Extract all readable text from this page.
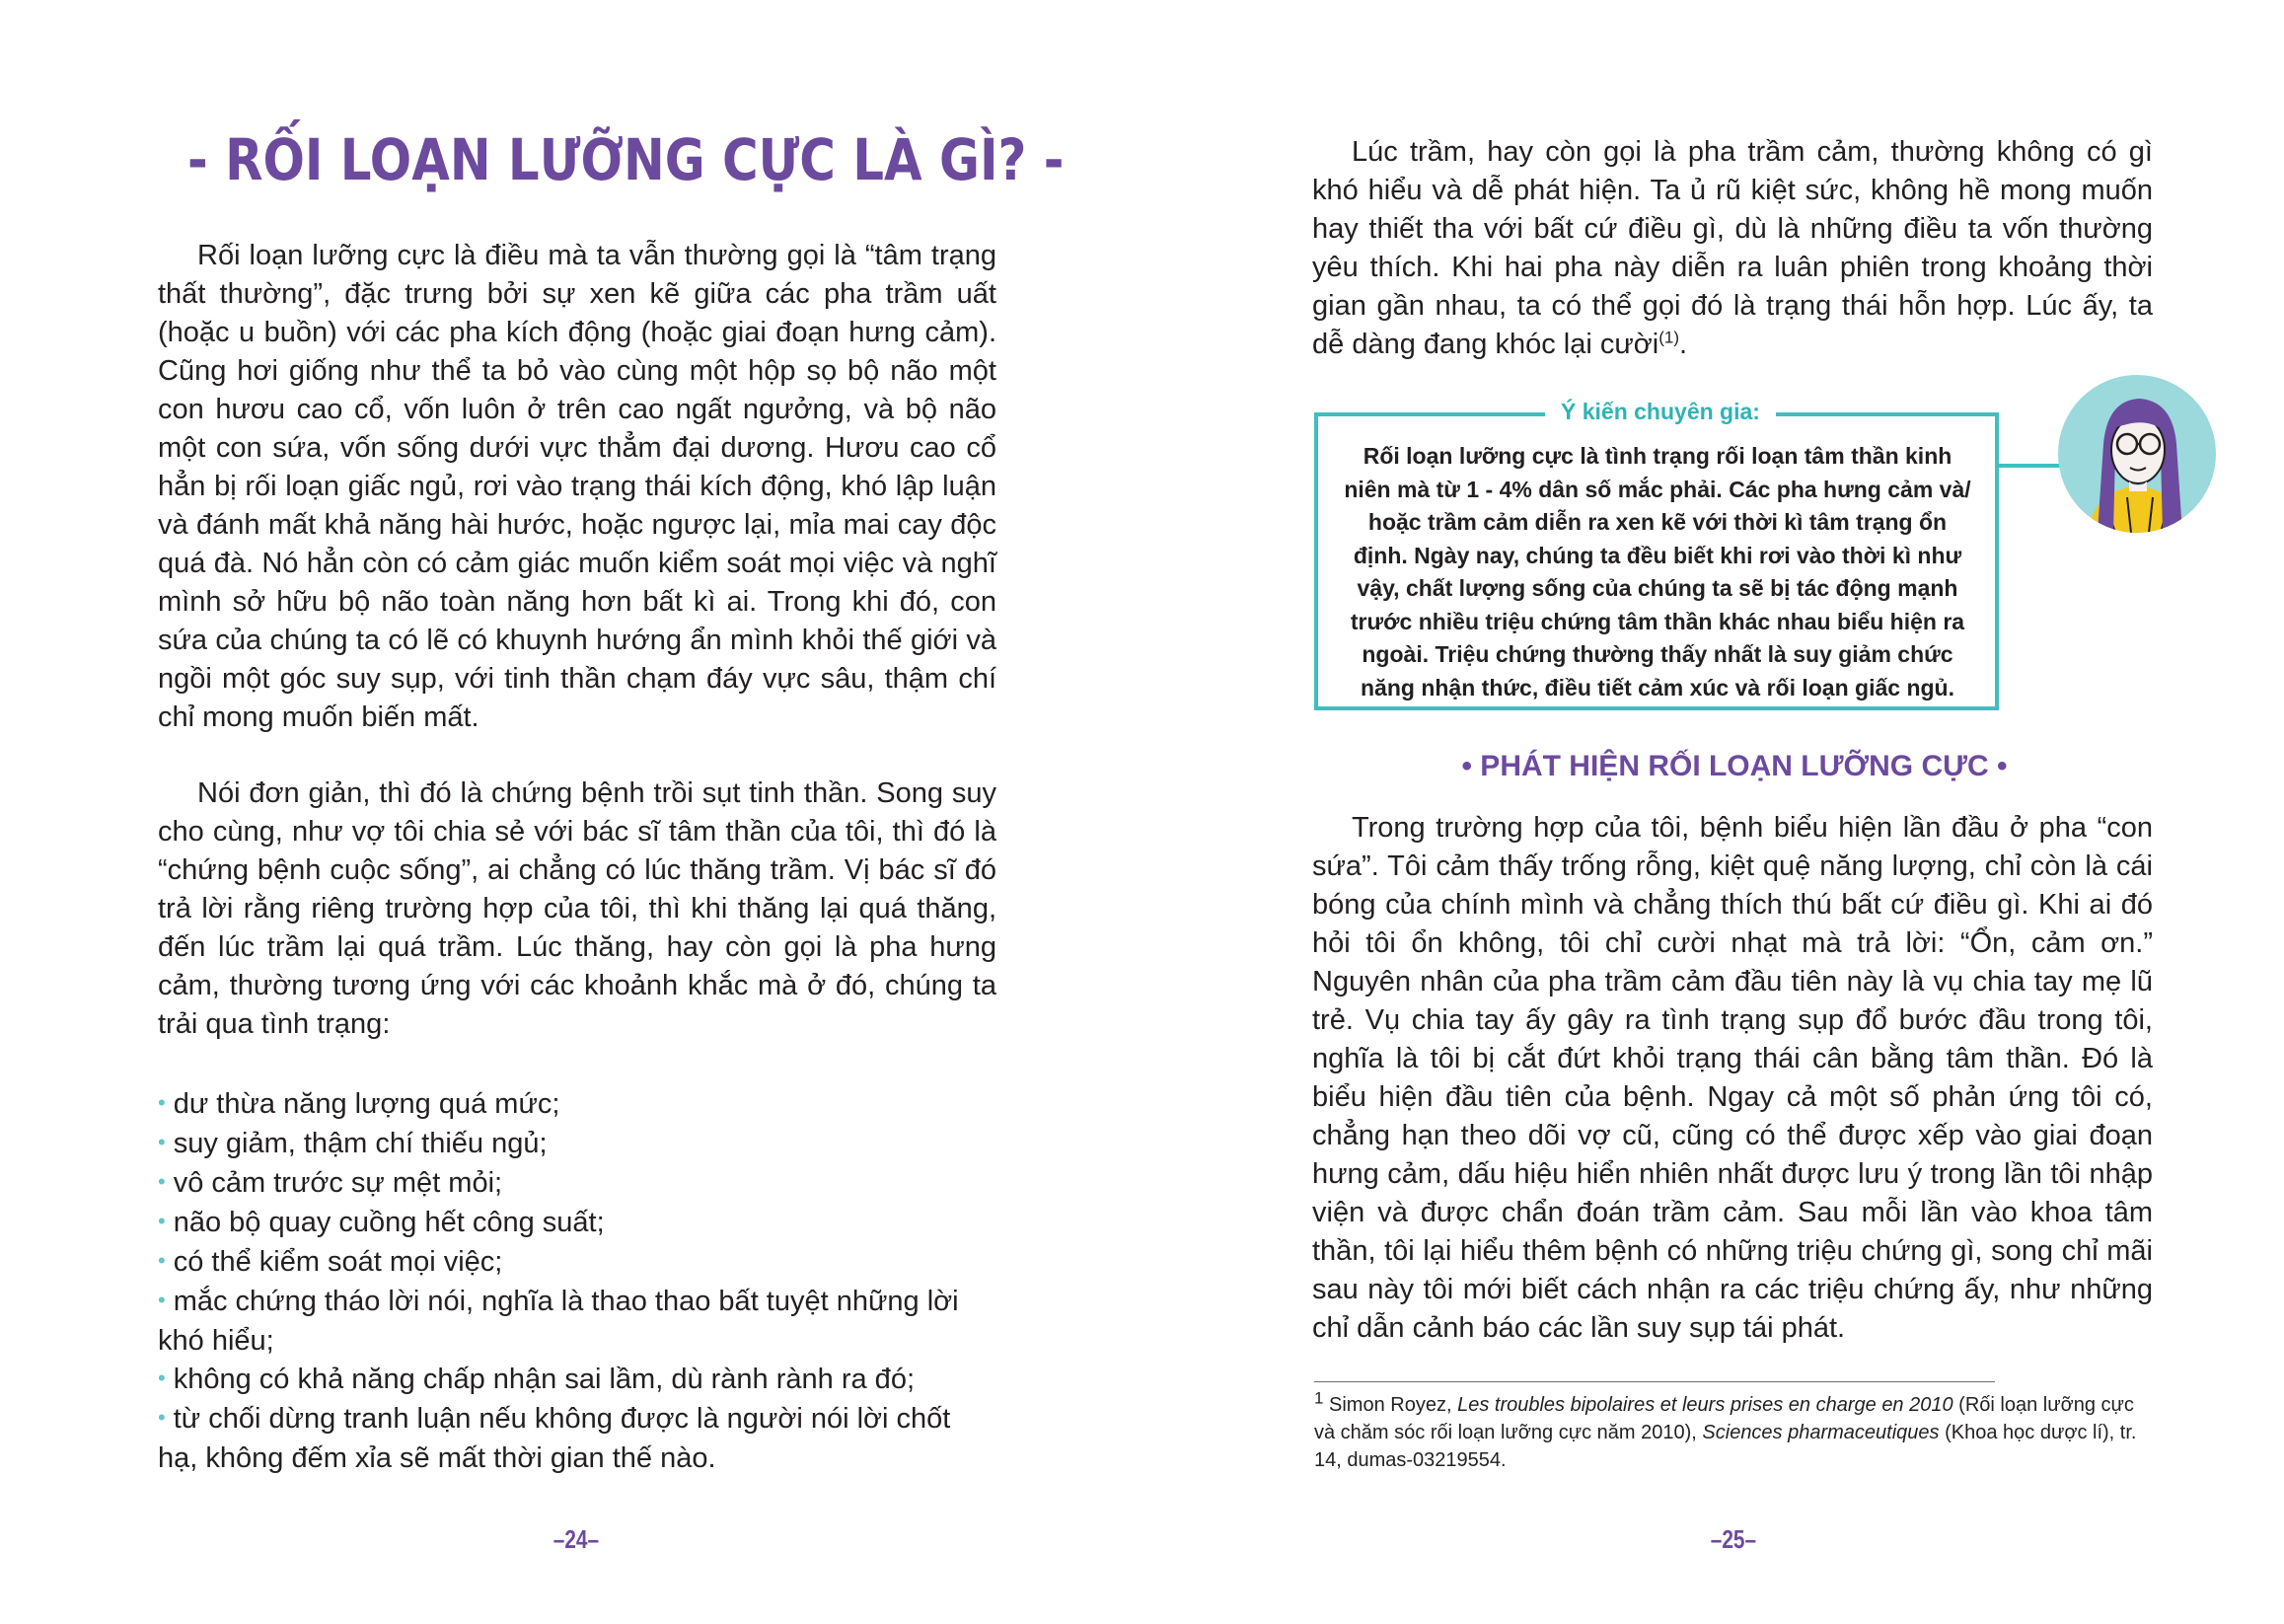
- RỐI LOẠN LƯỠNG CỰC LÀ GÌ? -

Rối loạn lưỡng cực là điều mà ta vẫn thường gọi là “tâm trạng thất thường”, đặc trưng bởi sự xen kẽ giữa các pha trầm uất (hoặc u buồn) với các pha kích động (hoặc giai đoạn hưng cảm). Cũng hơi giống như thể ta bỏ vào cùng một hộp sọ bộ não một con hươu cao cổ, vốn luôn ở trên cao ngất ngưởng, và bộ não một con sứa, vốn sống dưới vực thẳm đại dương. Hươu cao cổ hẳn bị rối loạn giấc ngủ, rơi vào trạng thái kích động, khó lập luận và đánh mất khả năng hài hước, hoặc ngược lại, mỉa mai cay độc quá đà. Nó hẳn còn có cảm giác muốn kiểm soát mọi việc và nghĩ mình sở hữu bộ não toàn năng hơn bất kì ai. Trong khi đó, con sứa của chúng ta có lẽ có khuynh hướng ẩn mình khỏi thế giới và ngồi một góc suy sụp, với tinh thần chạm đáy vực sâu, thậm chí chỉ mong muốn biến mất.

Nói đơn giản, thì đó là chứng bệnh trồi sụt tinh thần. Song suy cho cùng, như vợ tôi chia sẻ với bác sĩ tâm thần của tôi, thì đó là “chứng bệnh cuộc sống”, ai chẳng có lúc thăng trầm. Vị bác sĩ đó trả lời rằng riêng trường hợp của tôi, thì khi thăng lại quá thăng, đến lúc trầm lại quá trầm. Lúc thăng, hay còn gọi là pha hưng cảm, thường tương ứng với các khoảnh khắc mà ở đó, chúng ta trải qua tình trạng:

• dư thừa năng lượng quá mức;
• suy giảm, thậm chí thiếu ngủ;
• vô cảm trước sự mệt mỏi;
• não bộ quay cuồng hết công suất;
• có thể kiểm soát mọi việc;
• mắc chứng tháo lời nói, nghĩa là thao thao bất tuyệt những lời khó hiểu;
• không có khả năng chấp nhận sai lầm, dù rành rành ra đó;
• từ chối dừng tranh luận nếu không được là người nói lời chốt hạ, không đếm xỉa sẽ mất thời gian thế nào.
–24–

Lúc trầm, hay còn gọi là pha trầm cảm, thường không có gì khó hiểu và dễ phát hiện. Ta ủ rũ kiệt sức, không hề mong muốn hay thiết tha với bất cứ điều gì, dù là những điều ta vốn thường yêu thích. Khi hai pha này diễn ra luân phiên trong khoảng thời gian gần nhau, ta có thể gọi đó là trạng thái hỗn hợp. Lúc ấy, ta dễ dàng đang khóc lại cười$^{(1)}$.

Ý kiến chuyên gia:

Rối loạn lưỡng cực là tình trạng rối loạn tâm thần kinh niên mà từ 1 - 4% dân số mắc phải. Các pha hưng cảm và/ hoặc trầm cảm diễn ra xen kẽ với thời kì tâm trạng ổn định. Ngày nay, chúng ta đều biết khi rơi vào thời kì như vậy, chất lượng sống của chúng ta sẽ bị tác động mạnh trước nhiều triệu chứng tâm thần khác nhau biểu hiện ra ngoài. Triệu chứng thường thấy nhất là suy giảm chức năng nhận thức, điều tiết cảm xúc và rối loạn giấc ngủ.

• PHÁT HIỆN RỐI LOẠN LƯỠNG CỰC •

Trong trường hợp của tôi, bệnh biểu hiện lần đầu ở pha “con sứa”. Tôi cảm thấy trống rỗng, kiệt quệ năng lượng, chỉ còn là cái bóng của chính mình và chẳng thích thú bất cứ điều gì. Khi ai đó hỏi tôi ổn không, tôi chỉ cười nhạt mà trả lời: “Ổn, cảm ơn.” Nguyên nhân của pha trầm cảm đầu tiên này là vụ chia tay mẹ lũ trẻ. Vụ chia tay ấy gây ra tình trạng sụp đổ bước đầu trong tôi, nghĩa là tôi bị cắt đứt khỏi trạng thái cân bằng tâm thần. Đó là biểu hiện đầu tiên của bệnh. Ngay cả một số phản ứng tôi có, chẳng hạn theo dõi vợ cũ, cũng có thể được xếp vào giai đoạn hưng cảm, dấu hiệu hiển nhiên nhất được lưu ý trong lần tôi nhập viện và được chẩn đoán trầm cảm. Sau mỗi lần vào khoa tâm thần, tôi lại hiểu thêm bệnh có những triệu chứng gì, song chỉ mãi sau này tôi mới biết cách nhận ra các triệu chứng ấy, như những chỉ dẫn cảnh báo các lần suy sụp tái phát.

$^1$ Simon Royez, Les troubles bipolaires et leurs prises en charge en 2010 (Rối loạn lưỡng cực và chăm sóc rối loạn lưỡng cực năm 2010), Sciences pharmaceutiques (Khoa học dược lí), tr. 14, dumas-03219554.

–25–
